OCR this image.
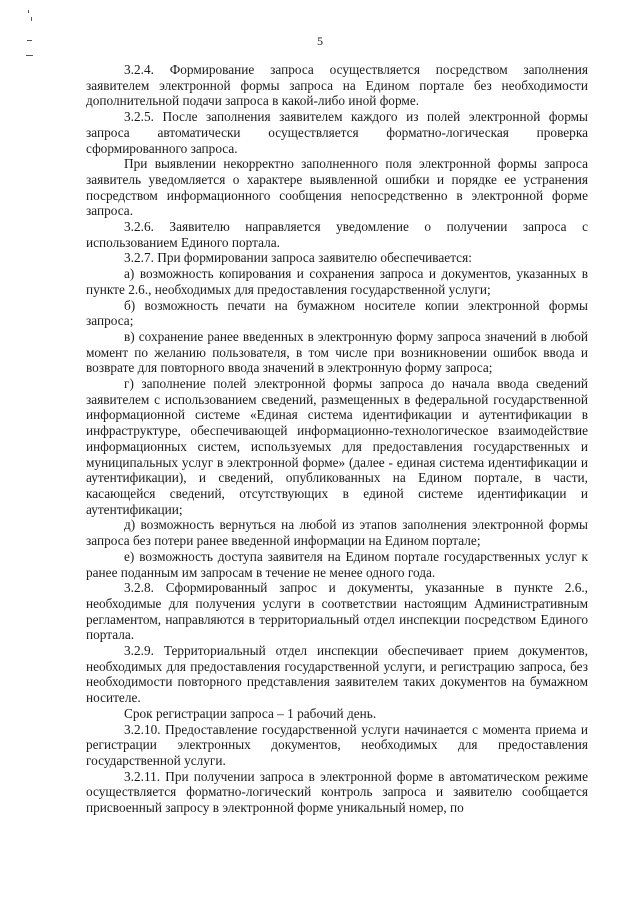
5

3.2.4. Формирование запроса осуществляется посредством заполнения заявителем электронной формы запроса на Едином портале без необходимости дополнительной подачи запроса в какой-либо иной форме.

3.2.5. После заполнения заявителем каждого из полей электронной формы запроса автоматически осуществляется форматно-логическая проверка сформированного запроса.

При выявлении некорректно заполненного поля электронной формы запроса заявитель уведомляется о характере выявленной ошибки и порядке ее устранения посредством информационного сообщения непосредственно в электронной форме запроса.

3.2.6. Заявителю направляется уведомление о получении запроса с использованием Единого портала.

3.2.7. При формировании запроса заявителю обеспечивается:

а) возможность копирования и сохранения запроса и документов, указанных в пункте 2.6., необходимых для предоставления государственной услуги;

б) возможность печати на бумажном носителе копии электронной формы запроса;

в) сохранение ранее введенных в электронную форму запроса значений в любой момент по желанию пользователя, в том числе при возникновении ошибок ввода и возврате для повторного ввода значений в электронную форму запроса;

г) заполнение полей электронной формы запроса до начала ввода сведений заявителем с использованием сведений, размещенных в федеральной государственной информационной системе «Единая система идентификации и аутентификации в инфраструктуре, обеспечивающей информационно-технологическое взаимодействие информационных систем, используемых для предоставления государственных и муниципальных услуг в электронной форме» (далее - единая система идентификации и аутентификации), и сведений, опубликованных на Едином портале, в части, касающейся сведений, отсутствующих в единой системе идентификации и аутентификации;

д) возможность вернуться на любой из этапов заполнения электронной формы запроса без потери ранее введенной информации на Едином портале;

е) возможность доступа заявителя на Едином портале государственных услуг к ранее поданным им запросам в течение не менее одного года.

3.2.8. Сформированный запрос и документы, указанные в пункте 2.6., необходимые для получения услуги в соответствии настоящим Административным регламентом, направляются в территориальный отдел инспекции посредством Единого портала.

3.2.9. Территориальный отдел инспекции обеспечивает прием документов, необходимых для предоставления государственной услуги, и регистрацию запроса, без необходимости повторного представления заявителем таких документов на бумажном носителе.

Срок регистрации запроса – 1 рабочий день.

3.2.10. Предоставление государственной услуги начинается с момента приема и регистрации электронных документов, необходимых для предоставления государственной услуги.

3.2.11. При получении запроса в электронной форме в автоматическом режиме осуществляется форматно-логический контроль запроса и заявителю сообщается присвоенный запросу в электронной форме уникальный номер, по
